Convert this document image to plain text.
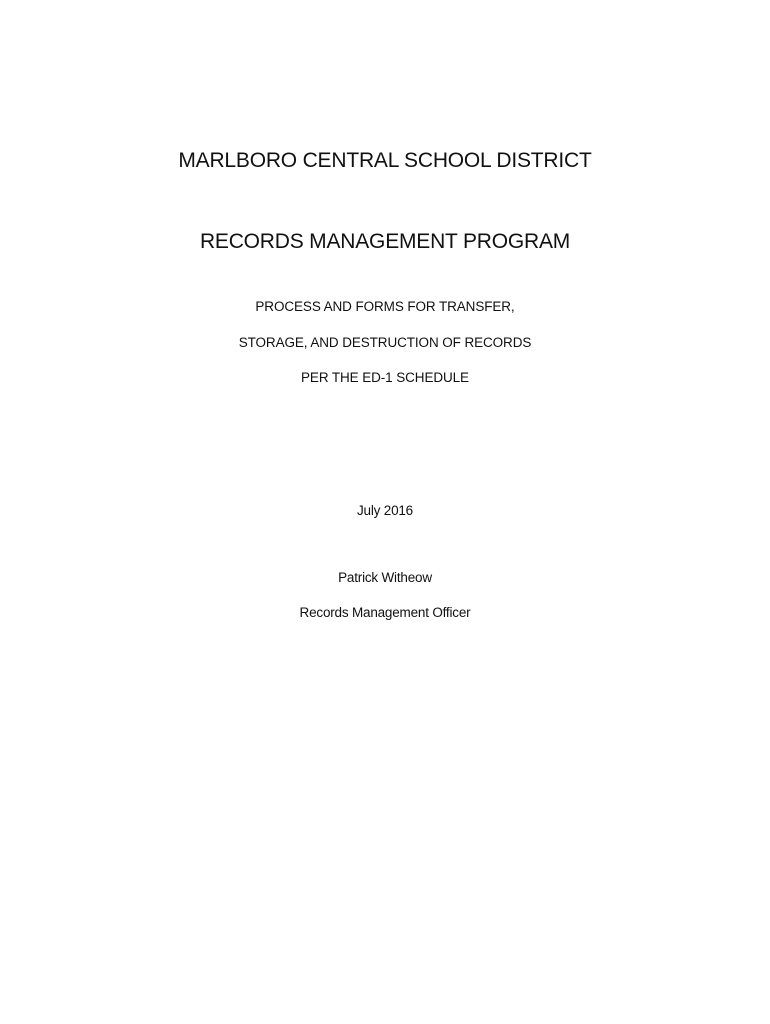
MARLBORO CENTRAL SCHOOL DISTRICT
RECORDS MANAGEMENT PROGRAM
PROCESS AND FORMS FOR TRANSFER,
STORAGE, AND DESTRUCTION OF RECORDS
PER THE ED-1 SCHEDULE
July 2016
Patrick Witheow
Records Management Officer
